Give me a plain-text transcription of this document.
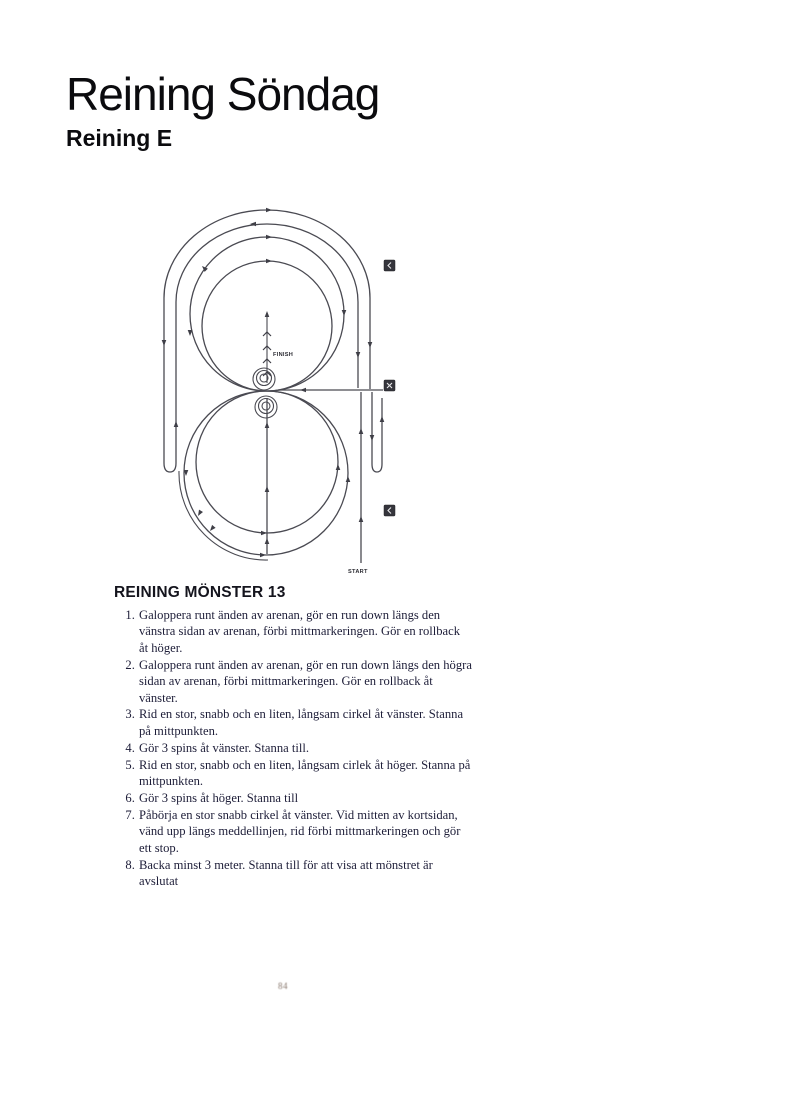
Reining Söndag
Reining E
FINISH
START
REINING MÖNSTER 13
1. Galoppera runt änden av arenan, gör en run down längs den vänstra sidan av arenan, förbi mittmarkeringen. Gör en rollback åt höger.
2. Galoppera runt änden av arenan, gör en run down längs den högra sidan av arenan, förbi mittmarkeringen. Gör en rollback åt vänster.
3. Rid en stor, snabb och en liten, långsam cirkel åt vänster. Stanna på mittpunkten.
4. Gör 3 spins åt vänster. Stanna till.
5. Rid en stor, snabb och en liten, långsam cirlek åt höger. Stanna på mittpunkten.
6. Gör 3 spins åt höger. Stanna till
7. Påbörja en stor snabb cirkel åt vänster. Vid mitten av kortsidan, vänd upp längs meddellinjen, rid förbi mittmarkeringen och gör ett stop.
8. Backa minst 3 meter. Stanna till för att visa att mönstret är avslutat
84
